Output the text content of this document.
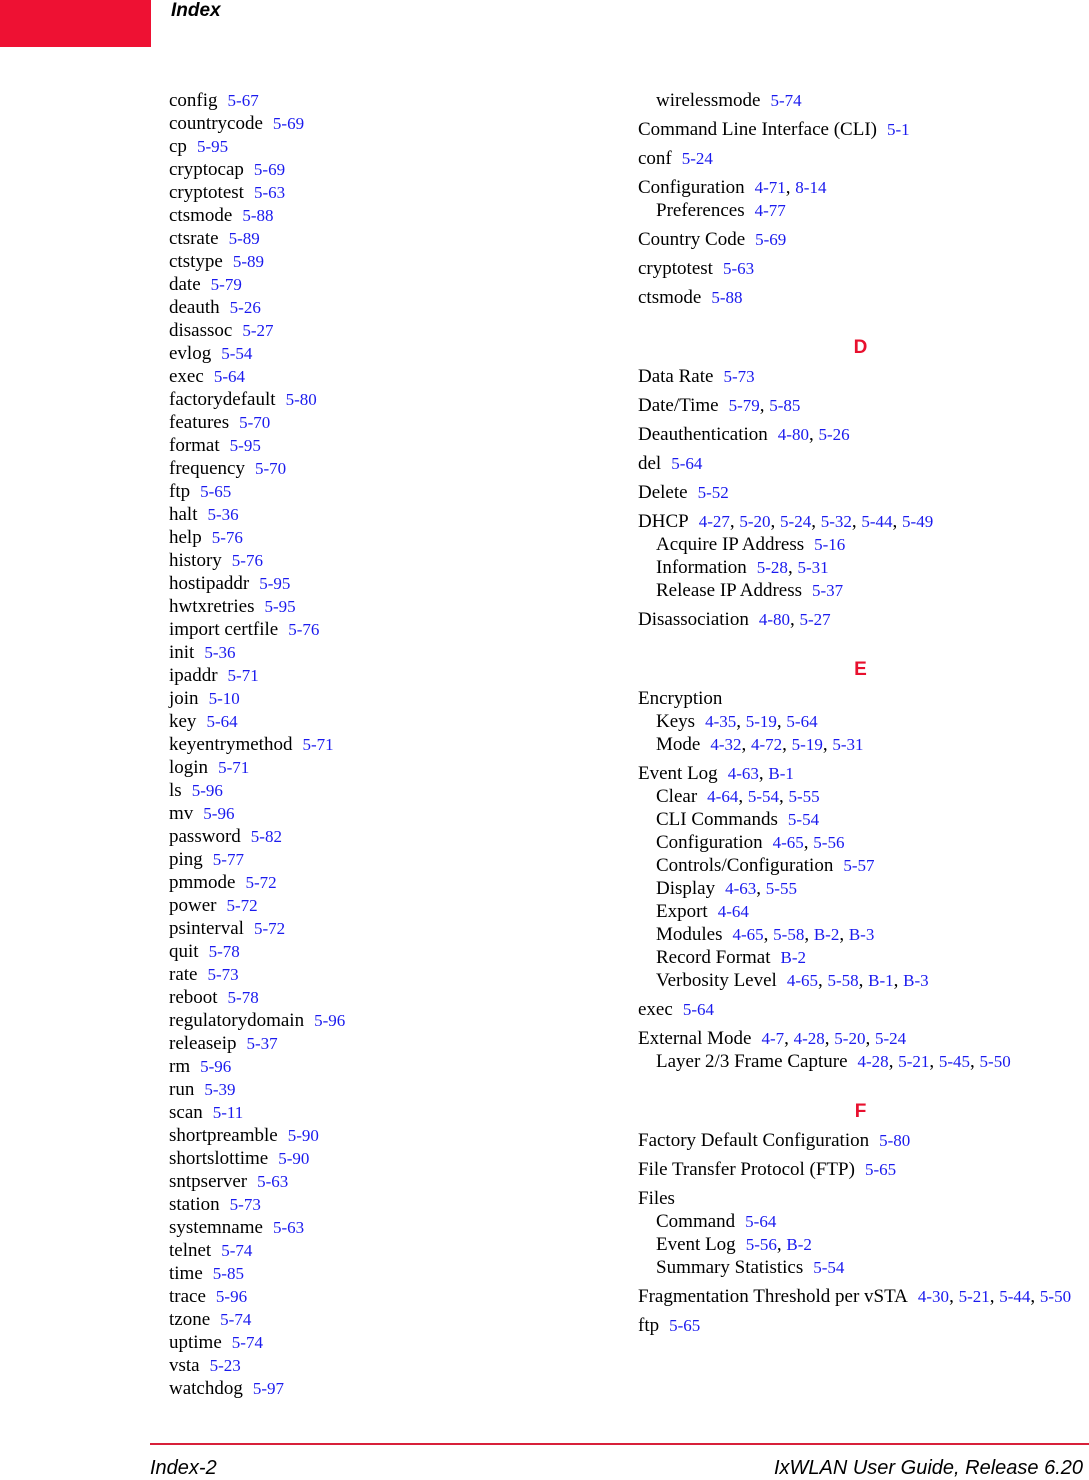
Index
config 5-67
countrycode 5-69
cp 5-95
cryptocap 5-69
cryptotest 5-63
ctsmode 5-88
ctsrate 5-89
ctstype 5-89
date 5-79
deauth 5-26
disassoc 5-27
evlog 5-54
exec 5-64
factorydefault 5-80
features 5-70
format 5-95
frequency 5-70
ftp 5-65
halt 5-36
help 5-76
history 5-76
hostipaddr 5-95
hwtxretries 5-95
import certfile 5-76
init 5-36
ipaddr 5-71
join 5-10
key 5-64
keyentrymethod 5-71
login 5-71
ls 5-96
mv 5-96
password 5-82
ping 5-77
pmmode 5-72
power 5-72
psinterval 5-72
quit 5-78
rate 5-73
reboot 5-78
regulatorydomain 5-96
releaseip 5-37
rm 5-96
run 5-39
scan 5-11
shortpreamble 5-90
shortslottime 5-90
sntpserver 5-63
station 5-73
systemname 5-63
telnet 5-74
time 5-85
trace 5-96
tzone 5-74
uptime 5-74
vsta 5-23
watchdog 5-97
wirelessmode 5-74
Command Line Interface (CLI) 5-1
conf 5-24
Configuration 4-71, 8-14
Preferences 4-77
Country Code 5-69
cryptotest 5-63
ctsmode 5-88
D
Data Rate 5-73
Date/Time 5-79, 5-85
Deauthentication 4-80, 5-26
del 5-64
Delete 5-52
DHCP 4-27, 5-20, 5-24, 5-32, 5-44, 5-49
Acquire IP Address 5-16
Information 5-28, 5-31
Release IP Address 5-37
Disassociation 4-80, 5-27
E
Encryption
Keys 4-35, 5-19, 5-64
Mode 4-32, 4-72, 5-19, 5-31
Event Log 4-63, B-1
Clear 4-64, 5-54, 5-55
CLI Commands 5-54
Configuration 4-65, 5-56
Controls/Configuration 5-57
Display 4-63, 5-55
Export 4-64
Modules 4-65, 5-58, B-2, B-3
Record Format B-2
Verbosity Level 4-65, 5-58, B-1, B-3
exec 5-64
External Mode 4-7, 4-28, 5-20, 5-24
Layer 2/3 Frame Capture 4-28, 5-21, 5-45, 5-50
F
Factory Default Configuration 5-80
File Transfer Protocol (FTP) 5-65
Files
Command 5-64
Event Log 5-56, B-2
Summary Statistics 5-54
Fragmentation Threshold per vSTA 4-30, 5-21, 5-44, 5-50
ftp 5-65
Index-2	IxWLAN User Guide, Release 6.20
